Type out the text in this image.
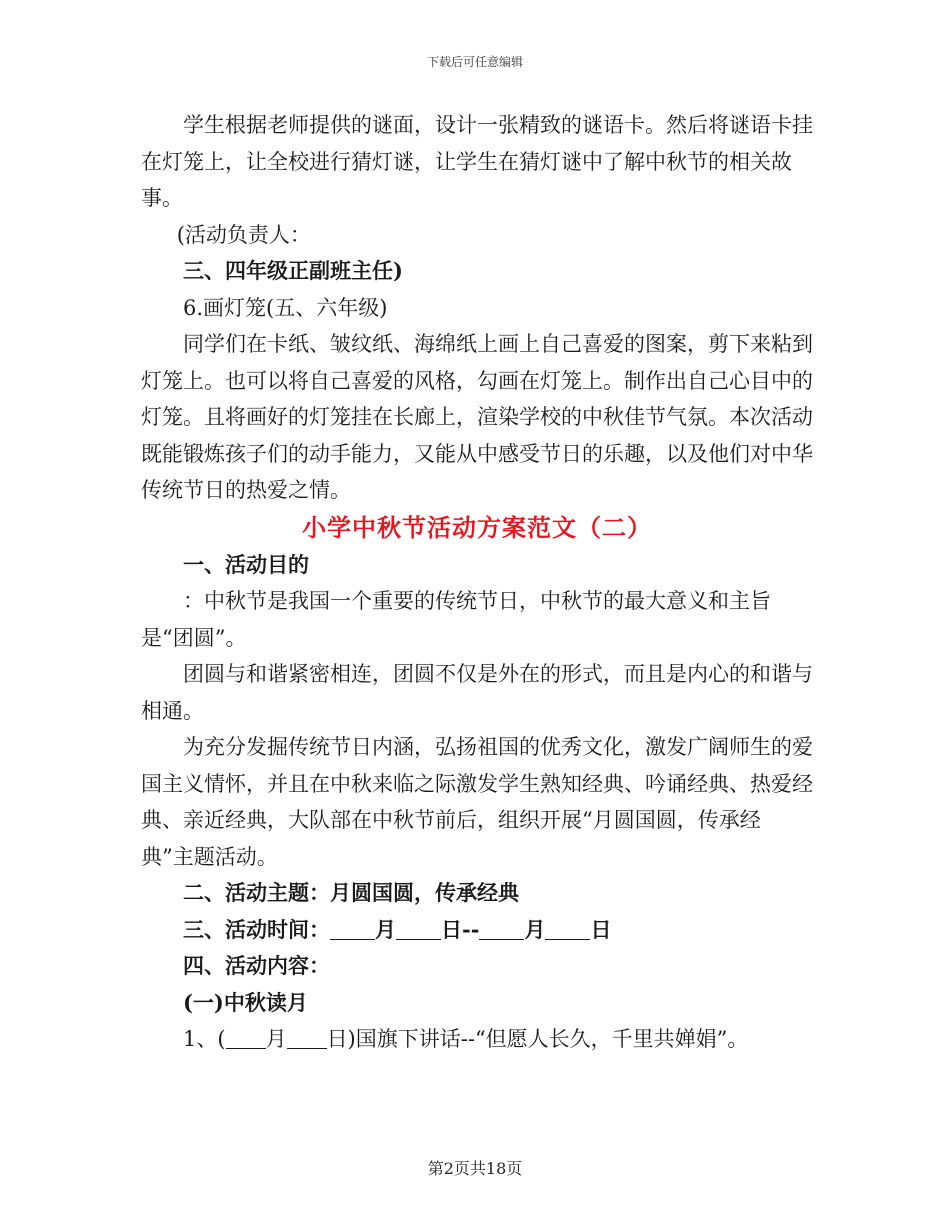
下载后可任意编辑

学生根据老师提供的谜面，设计一张精致的谜语卡。然后将谜语卡挂在灯笼上，让全校进行猜灯谜，让学生在猜灯谜中了解中秋节的相关故事。

(活动负责人：

三、四年级正副班主任)

6.画灯笼(五、六年级)

同学们在卡纸、皱纹纸、海绵纸上画上自己喜爱的图案，剪下来粘到灯笼上。也可以将自己喜爱的风格，勾画在灯笼上。制作出自己心目中的灯笼。且将画好的灯笼挂在长廊上，渲染学校的中秋佳节气氛。本次活动既能锻炼孩子们的动手能力，又能从中感受节日的乐趣，以及他们对中华传统节日的热爱之情。

小学中秋节活动方案范文（二）

一、活动目的

：中秋节是我国一个重要的传统节日，中秋节的最大意义和主旨是“团圆”。

团圆与和谐紧密相连，团圆不仅是外在的形式，而且是内心的和谐与相通。

为充分发掘传统节日内涵，弘扬祖国的优秀文化，激发广阔师生的爱国主义情怀，并且在中秋来临之际激发学生熟知经典、吟诵经典、热爱经典、亲近经典，大队部在中秋节前后，组织开展“月圆国圆，传承经典”主题活动。

二、活动主题：月圆国圆，传承经典

三、活动时间： 月 日-- 月 日

四、活动内容：

(一)中秋读月

1、( 月 日)国旗下讲话--“但愿人长久，千里共婵娟”。

第2页共18页
